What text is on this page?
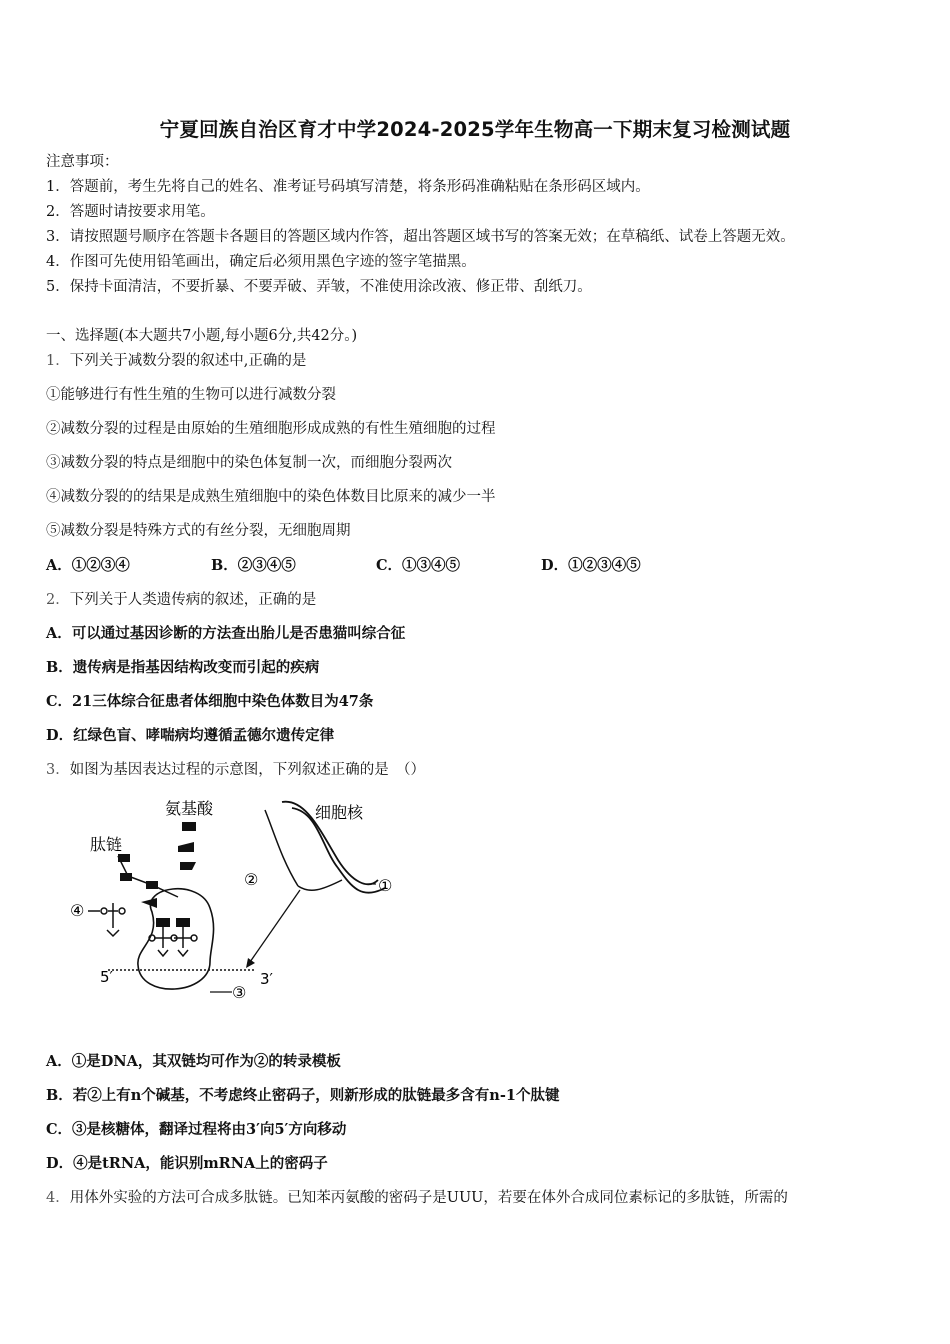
宁夏回族自治区育才中学2024-2025学年生物高一下期末复习检测试题
注意事项：
1．答题前，考生先将自己的姓名、准考证号码填写清楚，将条形码准确粘贴在条形码区域内。
2．答题时请按要求用笔。
3．请按照题号顺序在答题卡各题目的答题区域内作答，超出答题区域书写的答案无效；在草稿纸、试卷上答题无效。
4．作图可先使用铅笔画出，确定后必须用黑色字迹的签字笔描黑。
5．保持卡面清洁，不要折暴、不要弄破、弄皱，不准使用涂改液、修正带、刮纸刀。
一、选择题(本大题共7小题,每小题6分,共42分。)
1．下列关于减数分裂的叙述中,正确的是
①能够进行有性生殖的生物可以进行减数分裂
②减数分裂的过程是由原始的生殖细胞形成成熟的有性生殖细胞的过程
③减数分裂的特点是细胞中的染色体复制一次，而细胞分裂两次
④减数分裂的的结果是成熟生殖细胞中的染色体数目比原来的减少一半
⑤减数分裂是特殊方式的有丝分裂，无细胞周期
A．①②③④	B．②③④⑤	C．①③④⑤	D．①②③④⑤
2．下列关于人类遗传病的叙述，正确的是
A．可以通过基因诊断的方法查出胎儿是否患猫叫综合征
B．遗传病是指基因结构改变而引起的疾病
C．21三体综合征患者体细胞中染色体数目为47条
D．红绿色盲、哮喘病均遵循孟德尔遗传定律
3．如图为基因表达过程的示意图，下列叙述正确的是　（）
氨基酸
肽链
细胞核
④
5′	3′
③
①
②
A．①是DNA，其双链均可作为②的转录模板
B．若②上有n个碱基，不考虑终止密码子，则新形成的肽链最多含有n-1个肽键
C．③是核糖体，翻译过程将由3′向5′方向移动
D．④是tRNA，能识别mRNA上的密码子
4．用体外实验的方法可合成多肽链。已知苯丙氨酸的密码子是UUU，若要在体外合成同位素标记的多肽链，所需的
